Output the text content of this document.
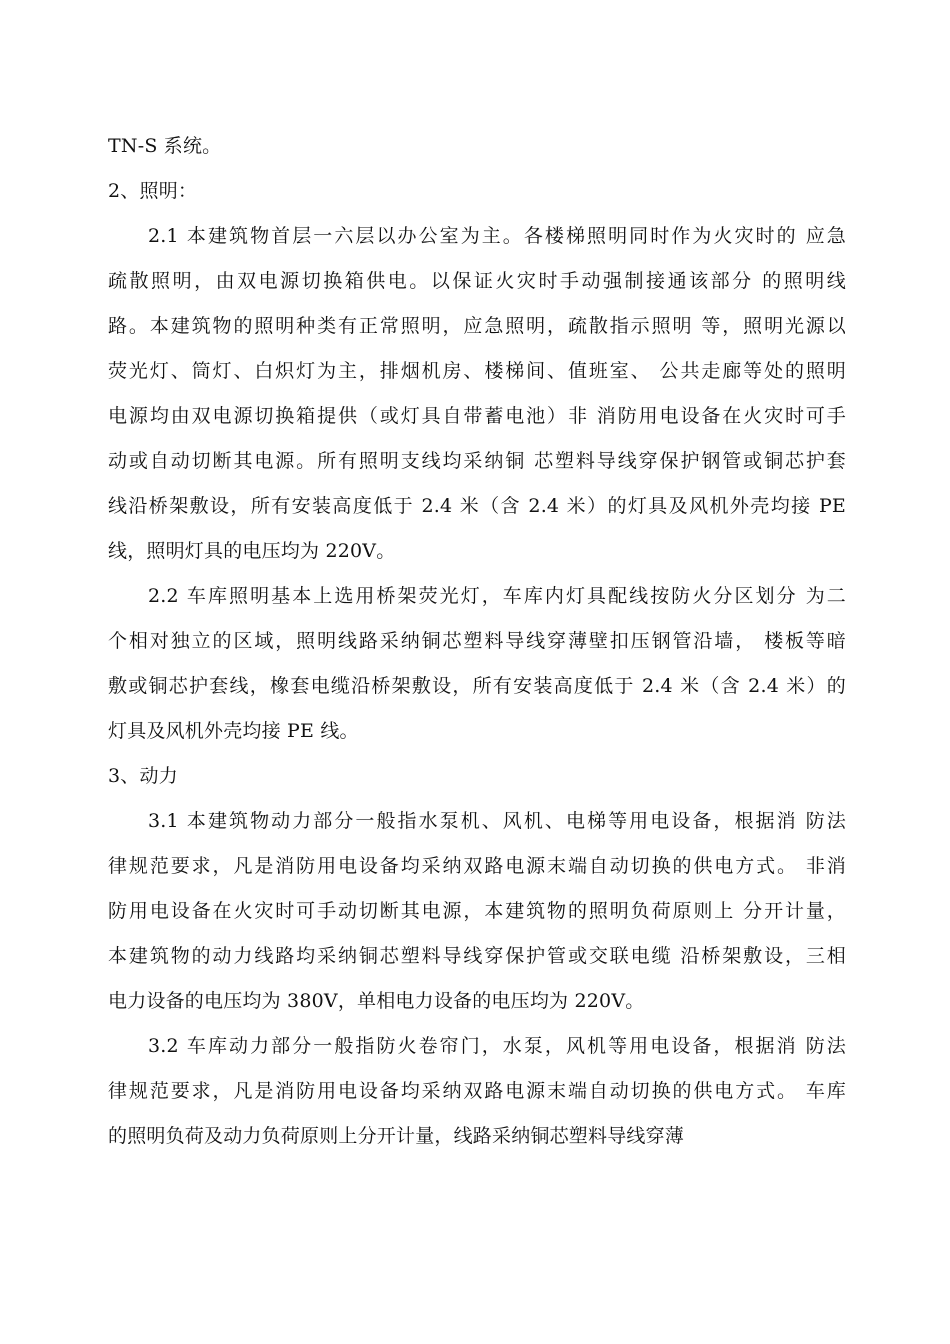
TN-S 系统。
2、照明：
2.1 本建筑物首层一六层以办公室为主。各楼梯照明同时作为火灾时的 应急
疏散照明，由双电源切换箱供电。以保证火灾时手动强制接通该部分 的照明线
路。本建筑物的照明种类有正常照明，应急照明，疏散指示照明 等，照明光源以
荧光灯、筒灯、白炽灯为主，排烟机房、楼梯间、值班室、 公共走廊等处的照明
电源均由双电源切换箱提供（或灯具自带蓄电池）非 消防用电设备在火灾时可手
动或自动切断其电源。所有照明支线均采纳铜 芯塑料导线穿保护钢管或铜芯护套
线沿桥架敷设，所有安装高度低于 2.4 米（含 2.4 米）的灯具及风机外壳均接 PE
线，照明灯具的电压均为 220V。
2.2 车库照明基本上选用桥架荧光灯，车库内灯具配线按防火分区划分 为二
个相对独立的区域，照明线路采纳铜芯塑料导线穿薄壁扣压钢管沿墙， 楼板等暗
敷或铜芯护套线，橡套电缆沿桥架敷设，所有安装高度低于 2.4 米（含 2.4 米）的
灯具及风机外壳均接 PE 线。
3、动力
3.1 本建筑物动力部分一般指水泵机、风机、电梯等用电设备，根据消 防法
律规范要求，凡是消防用电设备均采纳双路电源末端自动切换的供电方式。 非消
防用电设备在火灾时可手动切断其电源，本建筑物的照明负荷原则上 分开计量，
本建筑物的动力线路均采纳铜芯塑料导线穿保护管或交联电缆 沿桥架敷设，三相
电力设备的电压均为 380V，单相电力设备的电压均为 220V。
3.2 车库动力部分一般指防火卷帘门，水泵，风机等用电设备，根据消 防法
律规范要求，凡是消防用电设备均采纳双路电源末端自动切换的供电方式。 车库
的照明负荷及动力负荷原则上分开计量，线路采纳铜芯塑料导线穿薄
